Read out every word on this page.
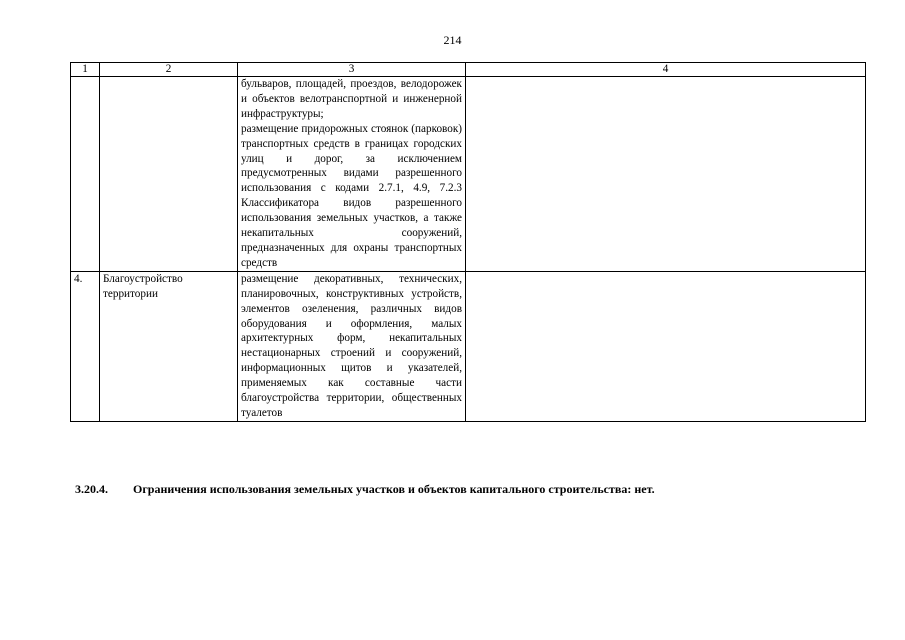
214
1	2	3	4

		бульваров, площадей, проездов, велодорожек и объектов велотранспортной и инженерной инфраструктуры;

размещение придорожных стоянок (парковок) транспортных средств в границах городских улиц и дорог, за исключением предусмотренных видами разрешенного использования с кодами 2.7.1, 4.9, 7.2.3 Классификатора видов разрешенного использования земельных участков, а также некапитальных сооружений, предназначенных для охраны транспортных средств	

4.	Благоустройство территории	размещение декоративных, технических, планировочных, конструктивных устройств, элементов озеленения, различных видов оборудования и оформления, малых архитектурных форм, некапитальных нестационарных строений и сооружений, информационных щитов и указателей, применяемых как составные части благоустройства территории, общественных туалетов	

3.20.4. Ограничения использования земельных участков и объектов капитального строительства: нет.
